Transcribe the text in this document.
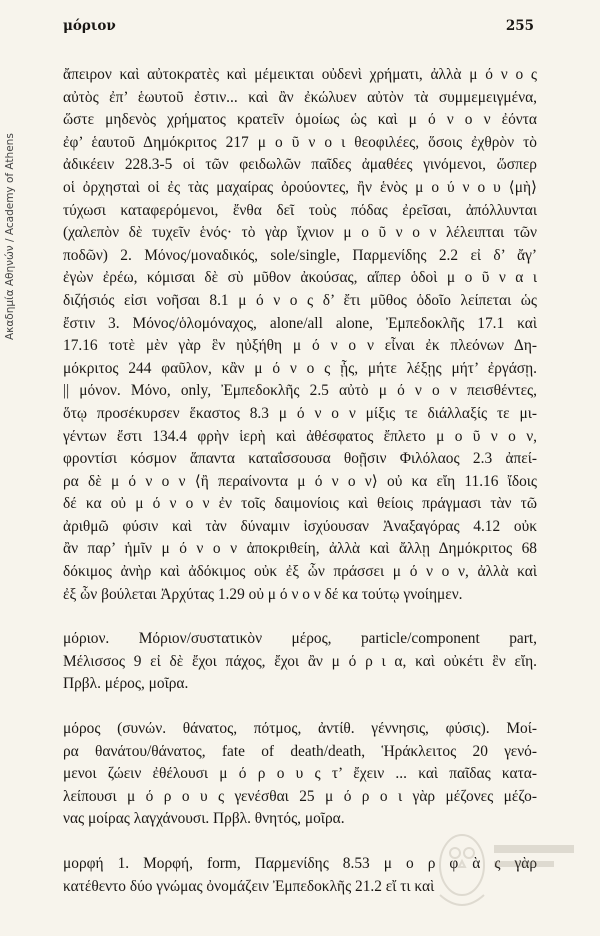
Ακαδημία Αθηνών / Academy of Athens
μόριον	255
ἄπειρον καὶ αὐτοκρατὲς καὶ μέμεικται οὐδενὶ χρήματι, ἀλλὰ μ ό ν ο ς
αὐτὸς ἐπ’ ἑωυτοῦ ἐστιν... καὶ ἂν ἐκώλυεν αὐτὸν τὰ συμμεμειγμένα,
ὥστε μηδενὸς χρήματος κρατεῖν ὁμοίως ὡς καὶ μ ό ν ο ν ἐόντα
ἐφ’ ἑαυτοῦ Δημόκριτος 217 μ ο ῦ ν ο ι θεοφιλέες, ὅσοις ἐχθρὸν τὸ
ἀδικέειν 228.3-5 οἱ τῶν φειδωλῶν παῖδες ἀμαθέες γινόμενοι, ὥσπερ
οἱ ὀρχησταὶ οἱ ἐς τὰς μαχαίρας ὀρούοντες, ἢν ἑνὸς μ ο ύ ν ο υ ⟨μὴ⟩
τύχωσι καταφερόμενοι, ἔνθα δεῖ τοὺς πόδας ἐρεῖσαι, ἀπόλλυνται
(χαλεπὸν δὲ τυχεῖν ἑνός· τὸ γὰρ ἴχνιον μ ο ῦ ν ο ν λέλειπται τῶν
ποδῶν) 2. Μόνος/μοναδικός, sole/single, Παρμενίδης 2.2 εἰ δ’ ἄγ’
ἐγὼν ἐρέω, κόμισαι δὲ σὺ μῦθον ἀκούσας, αἵπερ ὁδοὶ μ ο ῦ ν α ι
διζήσιός εἰσι νοῆσαι 8.1 μ ό ν ο ς δ’ ἔτι μῦθος ὁδοῖο λείπεται ὡς
ἔστιν 3. Μόνος/ὁλομόναχος, alone/all alone, Ἐμπεδοκλῆς 17.1 καὶ
17.16 τοτὲ μὲν γὰρ ἓν ηὐξήθη μ ό ν ο ν εἶναι ἐκ πλεόνων Δη-
μόκριτος 244 φαῦλον, κἂν μ ό ν ο ς ᾖς, μήτε λέξῃς μήτ’ ἐργάσῃ.
|| μόνον. Μόνο, only, Ἐμπεδοκλῆς 2.5 αὐτὸ μ ό ν ο ν πεισθέντες,
ὅτῳ προσέκυρσεν ἕκαστος 8.3 μ ό ν ο ν μίξις τε διάλλαξίς τε μι-
γέντων ἔστι 134.4 φρὴν ἱερὴ καὶ ἀθέσφατος ἔπλετο μ ο ῦ ν ο ν,
φροντίσι κόσμον ἅπαντα καταΐσσουσα θοῇσιν Φιλόλαος 2.3 ἀπεί-
ρα δὲ μ ό ν ο ν ⟨ἢ περαίνοντα μ ό ν ο ν⟩ οὐ κα εἴη 11.16 ἴδοις
δέ κα οὐ μ ό ν ο ν ἐν τοῖς δαιμονίοις καὶ θείοις πράγμασι τὰν τῶ
ἀριθμῶ φύσιν καὶ τὰν δύναμιν ἰσχύουσαν Ἀναξαγόρας 4.12 οὐκ
ἂν παρ’ ἡμῖν μ ό ν ο ν ἀποκριθείη, ἀλλὰ καὶ ἄλλῃ Δημόκριτος 68
δόκιμος ἀνὴρ καὶ ἀδόκιμος οὐκ ἐξ ὧν πράσσει μ ό ν ο ν, ἀλλὰ καὶ
ἐξ ὧν βούλεται Ἀρχύτας 1.29 οὐ μ ό ν ο ν δέ κα τούτῳ γνοίημεν.
μόριον. Μόριον/συστατικὸν μέρος, particle/component part,
Μέλισσος 9 εἰ δὲ ἔχοι πάχος, ἔχοι ἂν μ ό ρ ι α, καὶ οὐκέτι ἓν εἴη.
Πρβλ. μέρος, μοῖρα.
μόρος (συνών. θάνατος, πότμος, ἀντίθ. γέννησις, φύσις). Μοί-
ρα θανάτου/θάνατος, fate of death/death, Ἡράκλειτος 20 γενό-
μενοι ζώειν ἐθέλουσι μ ό ρ ο υ ς τ’ ἔχειν ... καὶ παῖδας κατα-
λείπουσι μ ό ρ ο υ ς γενέσθαι 25 μ ό ρ ο ι γὰρ μέζονες μέζο-
νας μοίρας λαγχάνουσι. Πρβλ. θνητός, μοῖρα.
μορφή 1. Μορφή, form, Παρμενίδης 8.53 μ ο ρ φ ὰ ς γὰρ
κατέθεντο δύο γνώμας ὀνομάζειν Ἐμπεδοκλῆς 21.2 εἴ τι καὶ
